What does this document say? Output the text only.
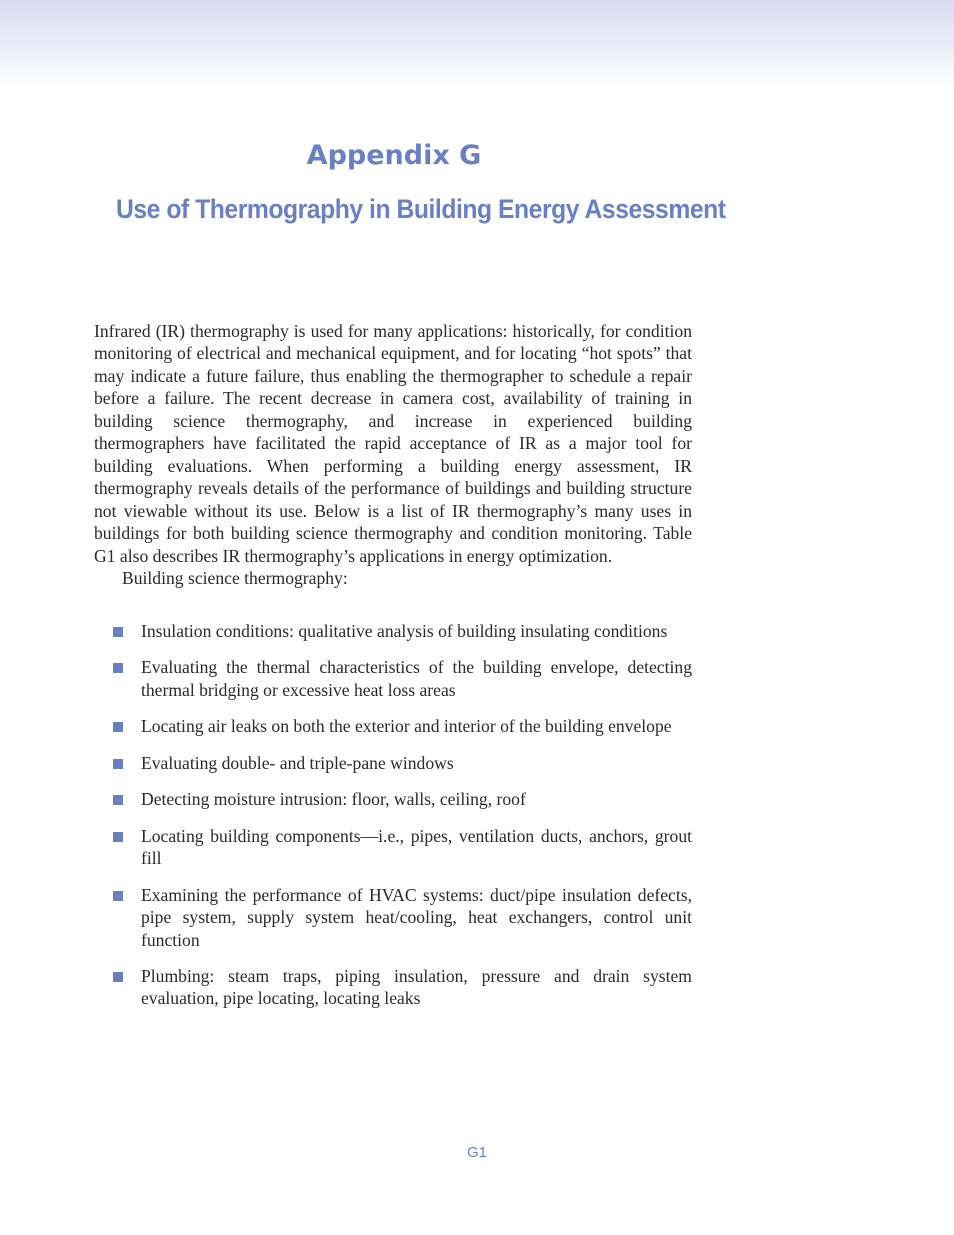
Appendix G
Use of Thermography in Building Energy Assessment

Infrared (IR) thermography is used for many applications: historically, for condition monitoring of electrical and mechanical equipment, and for locating “hot spots” that may indicate a future failure, thus enabling the thermographer to schedule a repair before a failure. The recent decrease in camera cost, availability of training in building science thermography, and increase in experienced building thermographers have facilitated the rapid acceptance of IR as a major tool for building evaluations. When performing a building energy assessment, IR thermography reveals details of the performance of buildings and building structure not viewable without its use. Below is a list of IR thermography’s many uses in buildings for both building science thermography and condition monitoring. Table G1 also describes IR thermography’s applications in energy optimization.

Building science thermography:

Insulation conditions: qualitative analysis of building insulating conditions
Evaluating the thermal characteristics of the building envelope, detecting thermal bridging or excessive heat loss areas
Locating air leaks on both the exterior and interior of the building envelope
Evaluating double- and triple-pane windows
Detecting moisture intrusion: floor, walls, ceiling, roof
Locating building components—i.e., pipes, ventilation ducts, anchors, grout fill
Examining the performance of HVAC systems: duct/pipe insulation defects, pipe system, supply system heat/cooling, heat exchangers, control unit function
Plumbing: steam traps, piping insulation, pressure and drain system evaluation, pipe locating, locating leaks
G1
